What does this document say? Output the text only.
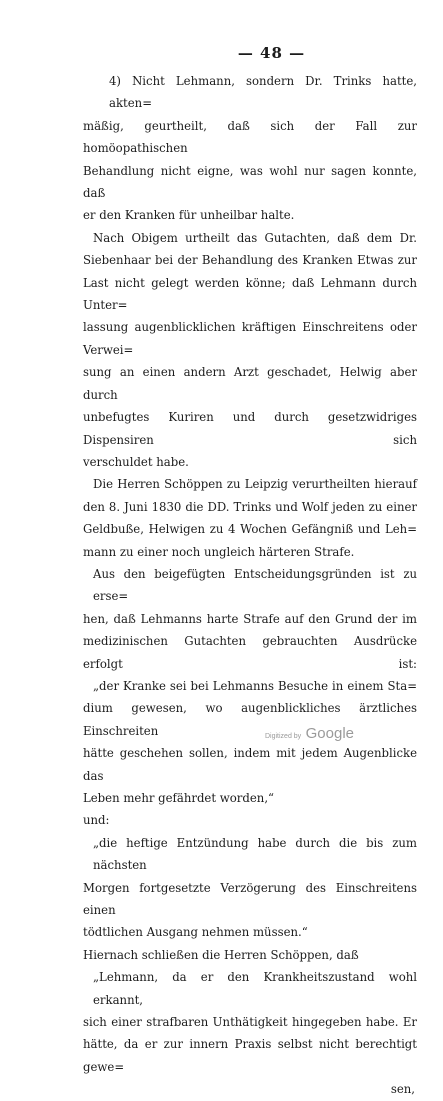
— 48 —
4) Nicht Lehmann, sondern Dr. Trinks hatte, akten=
mäßig, geurtheilt, daß sich der Fall zur homöopathischen
Behandlung nicht eigne, was wohl nur sagen konnte, daß
er den Kranken für unheilbar halte.
Nach Obigem urtheilt das Gutachten, daß dem Dr.
Siebenhaar bei der Behandlung des Kranken Etwas zur
Last nicht gelegt werden könne; daß Lehmann durch Unter=
lassung augenblicklichen kräftigen Einschreitens oder Verwei=
sung an einen andern Arzt geschadet, Helwig aber durch
unbefugtes Kuriren und durch gesetzwidriges Dispensiren sich
verschuldet habe.
Die Herren Schöppen zu Leipzig verurtheilten hierauf
den 8. Juni 1830 die DD. Trinks und Wolf jeden zu einer
Geldbuße, Helwigen zu 4 Wochen Gefängniß und Leh=
mann zu einer noch ungleich härteren Strafe.
Aus den beigefügten Entscheidungsgründen ist zu erse=
hen, daß Lehmanns harte Strafe auf den Grund der im
medizinischen Gutachten gebrauchten Ausdrücke erfolgt ist:
„der Kranke sei bei Lehmanns Besuche in einem Sta=
dium gewesen, wo augenblickliches ärztliches Einschreiten
hätte geschehen sollen, indem mit jedem Augenblicke das
Leben mehr gefährdet worden,“
und:
„die heftige Entzündung habe durch die bis zum nächsten
Morgen fortgesetzte Verzögerung des Einschreitens einen
tödtlichen Ausgang nehmen müssen.“
Hiernach schließen die Herren Schöppen, daß
„Lehmann, da er den Krankheitszustand wohl erkannt,
sich einer strafbaren Unthätigkeit hingegeben habe. Er
hätte, da er zur innern Praxis selbst nicht berechtigt gewe=
sen,
Digitized by Google
